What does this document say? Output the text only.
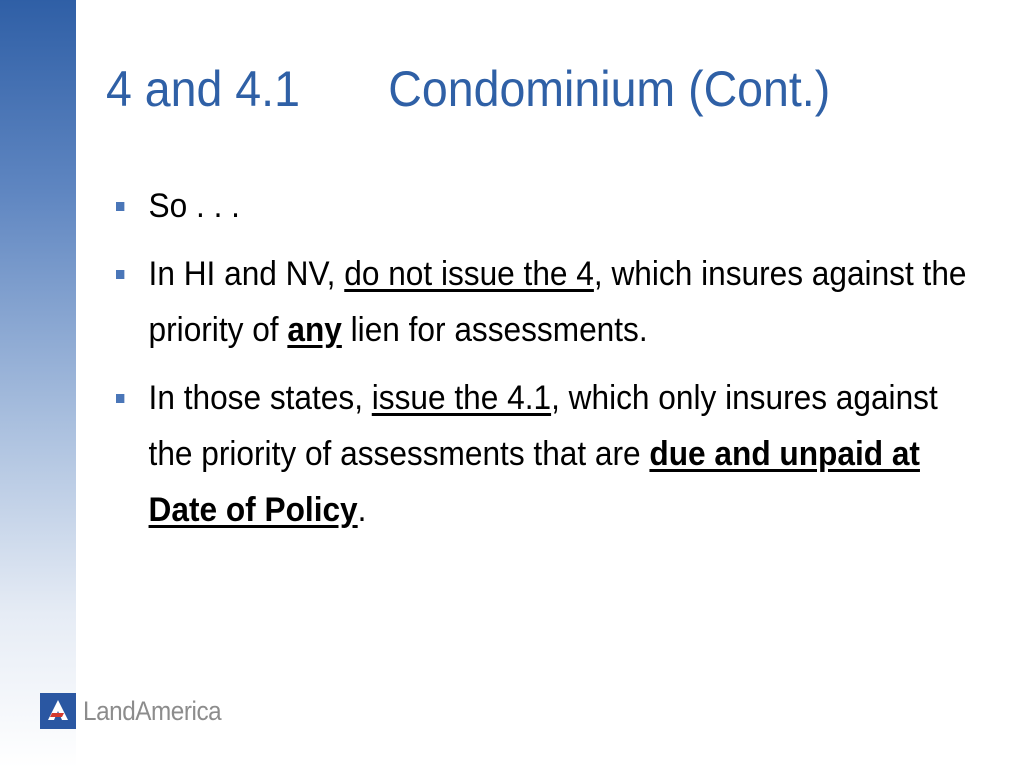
4 and 4.1 Condominium (Cont.)
So . . .
In HI and NV, do not issue the 4, which insures against the priority of any lien for assessments.
In those states, issue the 4.1, which only insures against the priority of assessments that are due and unpaid at Date of Policy.
LandAmerica
